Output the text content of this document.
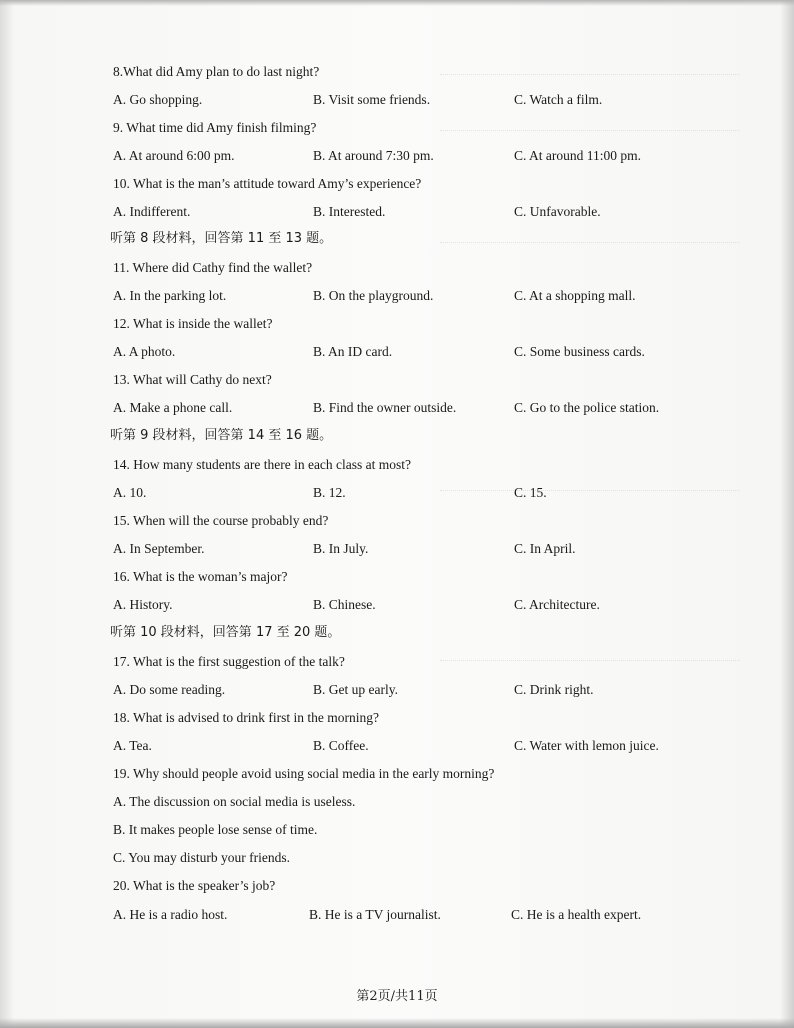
8.What did Amy plan to do last night?
A. Go shopping.	B. Visit some friends.	C. Watch a film.
9. What time did Amy finish filming?
A. At around 6:00 pm.	B. At around 7:30 pm.	C. At around 11:00 pm.
10. What is the man’s attitude toward Amy’s experience?
A. Indifferent.	B. Interested.	C. Unfavorable.
听第 8 段材料，回答第 11 至 13 题。
11. Where did Cathy find the wallet?
A. In the parking lot.	B. On the playground.	C. At a shopping mall.
12. What is inside the wallet?
A. A photo.	B. An ID card.	C. Some business cards.
13. What will Cathy do next?
A. Make a phone call.	B. Find the owner outside.	C. Go to the police station.
听第 9 段材料，回答第 14 至 16 题。
14. How many students are there in each class at most?
A. 10.	B. 12.	C. 15.
15. When will the course probably end?
A. In September.	B. In July.	C. In April.
16. What is the woman’s major?
A. History.	B. Chinese.	C. Architecture.
听第 10 段材料，回答第 17 至 20 题。
17. What is the first suggestion of the talk?
A. Do some reading.	B. Get up early.	C. Drink right.
18. What is advised to drink first in the morning?
A. Tea.	B. Coffee.	C. Water with lemon juice.
19. Why should people avoid using social media in the early morning?
A. The discussion on social media is useless.
B. It makes people lose sense of time.
C. You may disturb your friends.
20. What is the speaker’s job?
A. He is a radio host.	B. He is a TV journalist.	C. He is a health expert.
第2页/共11页
